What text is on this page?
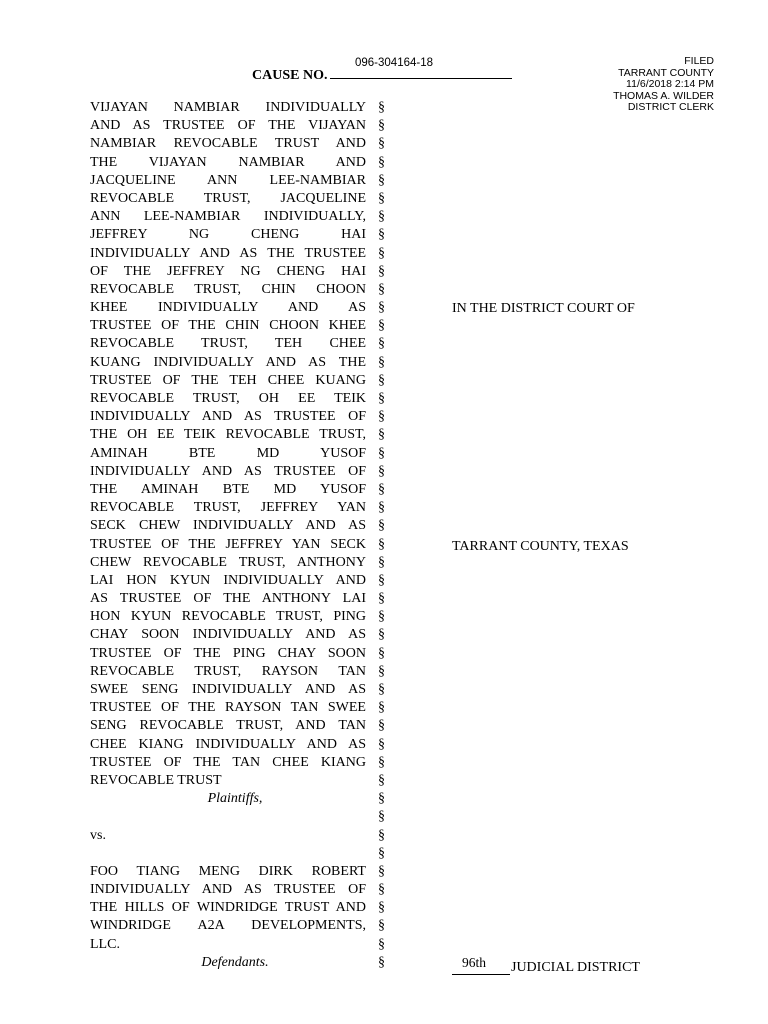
FILED
TARRANT COUNTY
11/6/2018 2:14 PM
THOMAS A. WILDER
DISTRICT CLERK
096-304164-18
CAUSE NO.
VIJAYAN NAMBIAR INDIVIDUALLY
AND AS TRUSTEE OF THE VIJAYAN
NAMBIAR REVOCABLE TRUST AND
THE VIJAYAN NAMBIAR AND
JACQUELINE ANN LEE-NAMBIAR
REVOCABLE TRUST, JACQUELINE
ANN LEE-NAMBIAR INDIVIDUALLY,
JEFFREY NG CHENG HAI
INDIVIDUALLY AND AS THE TRUSTEE
OF THE JEFFREY NG CHENG HAI
REVOCABLE TRUST, CHIN CHOON
KHEE INDIVIDUALLY AND AS
TRUSTEE OF THE CHIN CHOON KHEE
REVOCABLE TRUST, TEH CHEE
KUANG INDIVIDUALLY AND AS THE
TRUSTEE OF THE TEH CHEE KUANG
REVOCABLE TRUST, OH EE TEIK
INDIVIDUALLY AND AS TRUSTEE OF
THE OH EE TEIK REVOCABLE TRUST,
AMINAH BTE MD YUSOF
INDIVIDUALLY AND AS TRUSTEE OF
THE AMINAH BTE MD YUSOF
REVOCABLE TRUST, JEFFREY YAN
SECK CHEW INDIVIDUALLY AND AS
TRUSTEE OF THE JEFFREY YAN SECK
CHEW REVOCABLE TRUST, ANTHONY
LAI HON KYUN INDIVIDUALLY AND
AS TRUSTEE OF THE ANTHONY LAI
HON KYUN REVOCABLE TRUST, PING
CHAY SOON INDIVIDUALLY AND AS
TRUSTEE OF THE PING CHAY SOON
REVOCABLE TRUST, RAYSON TAN
SWEE SENG INDIVIDUALLY AND AS
TRUSTEE OF THE RAYSON TAN SWEE
SENG REVOCABLE TRUST, AND TAN
CHEE KIANG INDIVIDUALLY AND AS
TRUSTEE OF THE TAN CHEE KIANG
REVOCABLE TRUST
Plaintiffs,
vs.
FOO TIANG MENG DIRK ROBERT
INDIVIDUALLY AND AS TRUSTEE OF
THE HILLS OF WINDRIDGE TRUST AND
WINDRIDGE A2A DEVELOPMENTS,
LLC.
Defendants.
§
§
§
§
§
§
§
§
§
§
§
§
§
§
§
§
§
§
§
§
§
§
§
§
§
§
§
§
§
§
§
§
§
§
§
§
§
§
§
§
§
§
§
§
§
§
§
§
IN THE DISTRICT COURT OF
TARRANT COUNTY, TEXAS
96th JUDICIAL DISTRICT
